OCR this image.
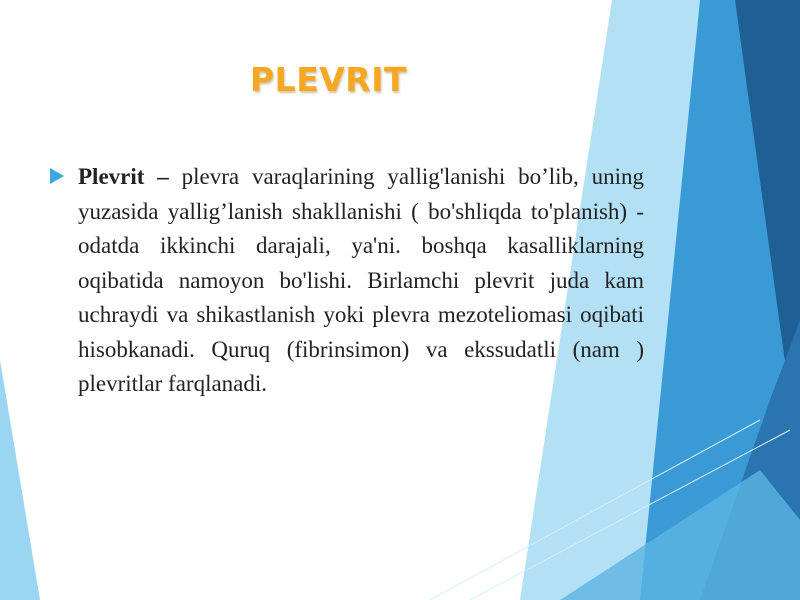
PLEVRIT
Plevrit – plevra varaqlarining yallig'lanishi bo’lib, uning yuzasida yallig’lanish shakllanishi ( bo'shliqda to'planish) - odatda ikkinchi darajali, ya'ni. boshqa kasalliklarning oqibatida namoyon bo'lishi. Birlamchi plevrit juda kam uchraydi va shikastlanish yoki plevra mezoteliomasi oqibati hisobkanadi. Quruq (fibrinsimon) va ekssudatli (nam ) plevritlar farqlanadi.
